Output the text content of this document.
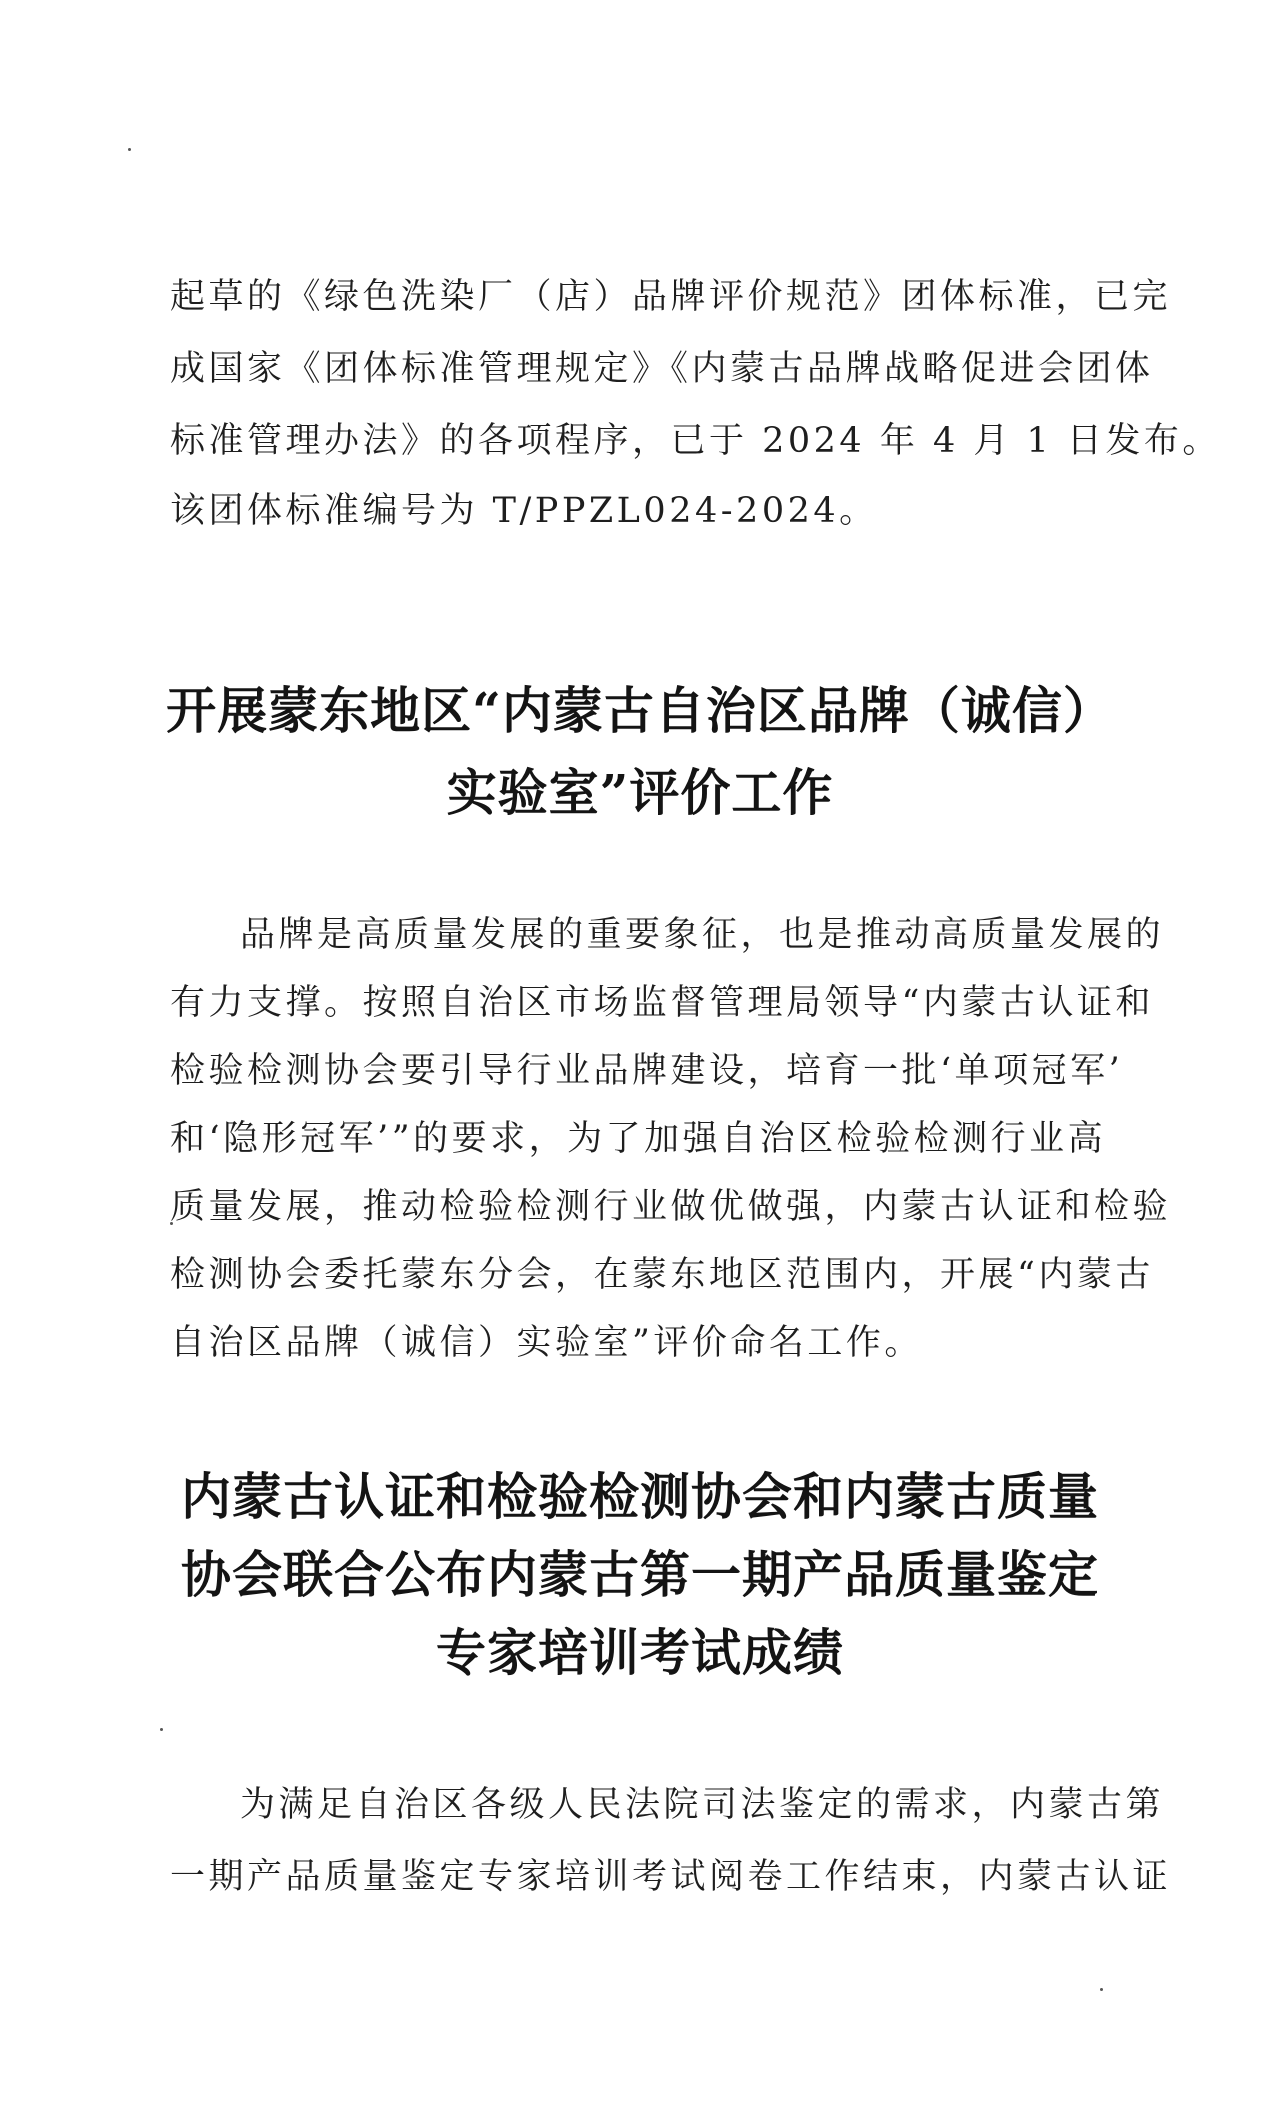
起草的《绿色洗染厂（店）品牌评价规范》团体标准，已完
成国家《团体标准管理规定》《内蒙古品牌战略促进会团体
标准管理办法》的各项程序，已于 2024 年 4 月 1 日发布。
该团体标准编号为 T/PPZL024-2024。
开展蒙东地区“内蒙古自治区品牌（诚信）
实验室”评价工作
品牌是高质量发展的重要象征，也是推动高质量发展的
有力支撑。按照自治区市场监督管理局领导“内蒙古认证和
检验检测协会要引导行业品牌建设，培育一批‘单项冠军’
和‘隐形冠军’”的要求，为了加强自治区检验检测行业高
质量发展，推动检验检测行业做优做强，内蒙古认证和检验
检测协会委托蒙东分会，在蒙东地区范围内，开展“内蒙古
自治区品牌（诚信）实验室”评价命名工作。
内蒙古认证和检验检测协会和内蒙古质量
协会联合公布内蒙古第一期产品质量鉴定
专家培训考试成绩
为满足自治区各级人民法院司法鉴定的需求，内蒙古第
一期产品质量鉴定专家培训考试阅卷工作结束，内蒙古认证
